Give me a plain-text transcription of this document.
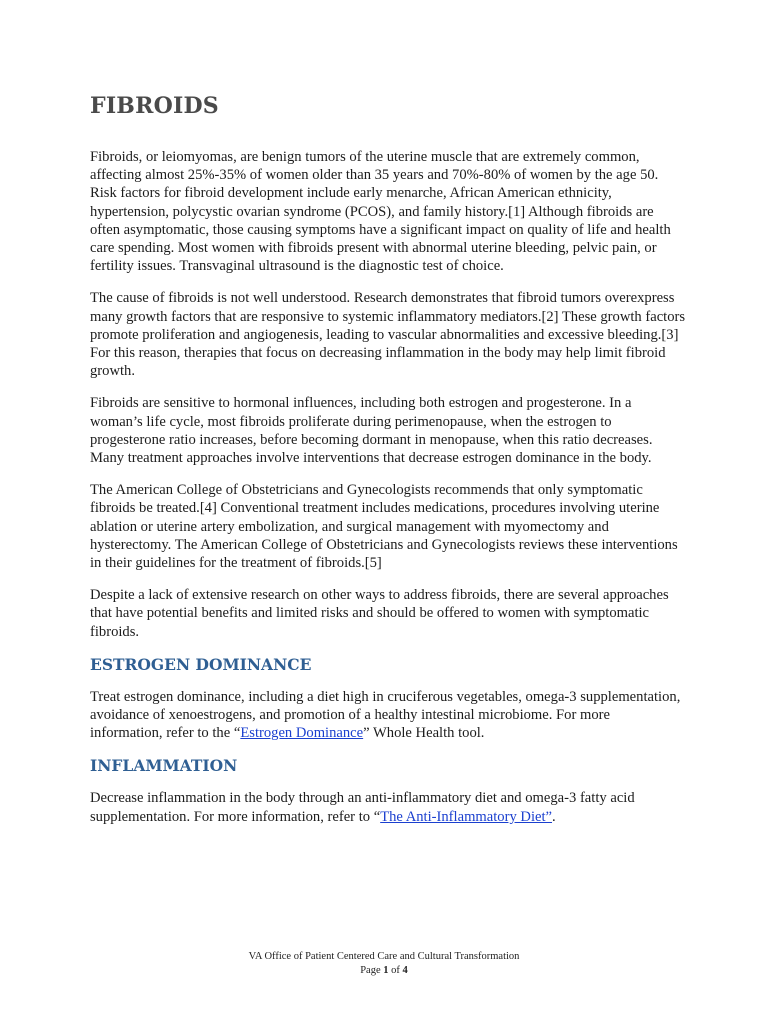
FIBROIDS

Fibroids, or leiomyomas, are benign tumors of the uterine muscle that are extremely common, affecting almost 25%-35% of women older than 35 years and 70%-80% of women by the age 50. Risk factors for fibroid development include early menarche, African American ethnicity, hypertension, polycystic ovarian syndrome (PCOS), and family history.[1] Although fibroids are often asymptomatic, those causing symptoms have a significant impact on quality of life and health care spending. Most women with fibroids present with abnormal uterine bleeding, pelvic pain, or fertility issues. Transvaginal ultrasound is the diagnostic test of choice.

The cause of fibroids is not well understood. Research demonstrates that fibroid tumors overexpress many growth factors that are responsive to systemic inflammatory mediators.[2] These growth factors promote proliferation and angiogenesis, leading to vascular abnormalities and excessive bleeding.[3] For this reason, therapies that focus on decreasing inflammation in the body may help limit fibroid growth.

Fibroids are sensitive to hormonal influences, including both estrogen and progesterone. In a woman’s life cycle, most fibroids proliferate during perimenopause, when the estrogen to progesterone ratio increases, before becoming dormant in menopause, when this ratio decreases. Many treatment approaches involve interventions that decrease estrogen dominance in the body.

The American College of Obstetricians and Gynecologists recommends that only symptomatic fibroids be treated.[4] Conventional treatment includes medications, procedures involving uterine ablation or uterine artery embolization, and surgical management with myomectomy and hysterectomy. The American College of Obstetricians and Gynecologists reviews these interventions in their guidelines for the treatment of fibroids.[5]

Despite a lack of extensive research on other ways to address fibroids, there are several approaches that have potential benefits and limited risks and should be offered to women with symptomatic fibroids.

ESTROGEN DOMINANCE

Treat estrogen dominance, including a diet high in cruciferous vegetables, omega-3 supplementation, avoidance of xenoestrogens, and promotion of a healthy intestinal microbiome. For more information, refer to the “Estrogen Dominance” Whole Health tool.

INFLAMMATION

Decrease inflammation in the body through an anti-inflammatory diet and omega-3 fatty acid supplementation. For more information, refer to “The Anti-Inflammatory Diet”.

VA Office of Patient Centered Care and Cultural Transformation
Page 1 of 4
